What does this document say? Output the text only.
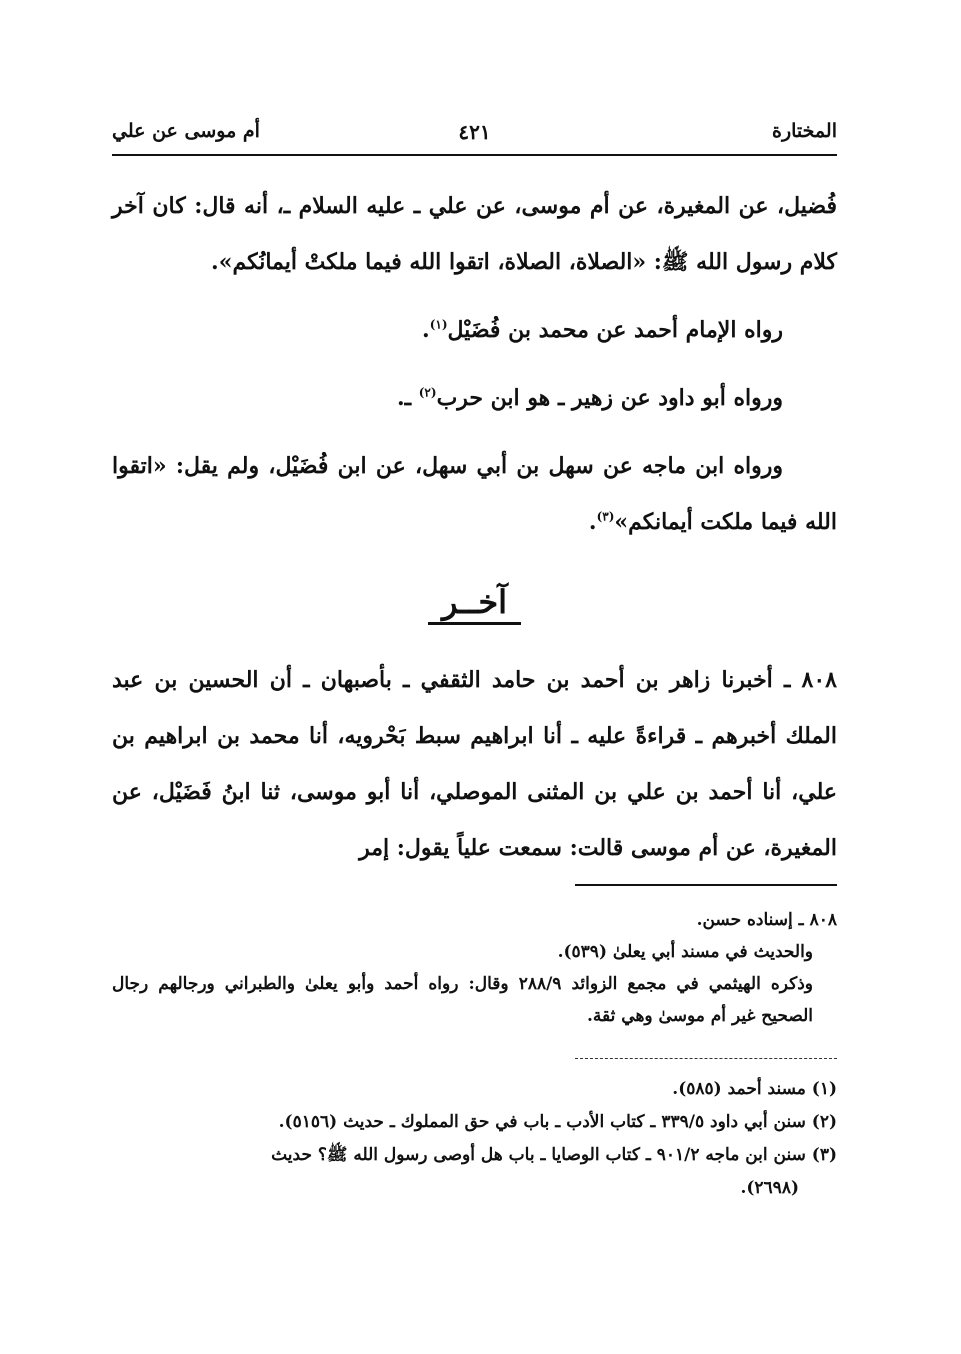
المختارة
٤٢١
أم موسى عن علي

فُضيل، عن المغيرة، عن أم موسى، عن علي ـ عليه السلام ـ، أنه قال: كان آخر كلام رسول الله ﷺ: «الصلاة، الصلاة، اتقوا الله فيما ملكتْ أيمانُكم».

رواه الإمام أحمد عن محمد بن فُضَيْل$^{(١)}$.

ورواه أبو داود عن زهير ـ هو ابن حرب$^{(٢)}$ ـ.

ورواه ابن ماجه عن سهل بن أبي سهل، عن ابن فُضَيْل، ولم يقل: «اتقوا الله فيما ملكت أيمانكم»$^{(٣)}$.

آخــر

٨٠٨ ـ أخبرنا زاهر بن أحمد بن حامد الثقفي ـ بأصبهان ـ أن الحسين بن عبد الملك أخبرهم ـ قراءةً عليه ـ أنا ابراهيم سبط بَحْرويه، أنا محمد بن ابراهيم بن علي، أنا أحمد بن علي بن المثنى الموصلي، أنا أبو موسى، ثنا ابنُ فَضَيْل، عن المغيرة، عن أم موسى قالت: سمعت علياً يقول: إمر

٨٠٨ ـ إسناده حسن.

والحديث في مسند أبي يعلىٰ (٥٣٩).

وذكره الهيثمي في مجمع الزوائد ٢٨٨/٩ وقال: رواه أحمد وأبو يعلىٰ والطبراني ورجالهم رجال الصحيح غير أم موسىٰ وهي ثقة.

(١) مسند أحمد (٥٨٥).

(٢) سنن أبي داود ٣٣٩/٥ ـ كتاب الأدب ـ باب في حق المملوك ـ حديث (٥١٥٦).

(٣) سنن ابن ماجه ٩٠١/٢ ـ كتاب الوصايا ـ باب هل أوصى رسول الله ﷺ؟ حديث

(٢٦٩٨).
